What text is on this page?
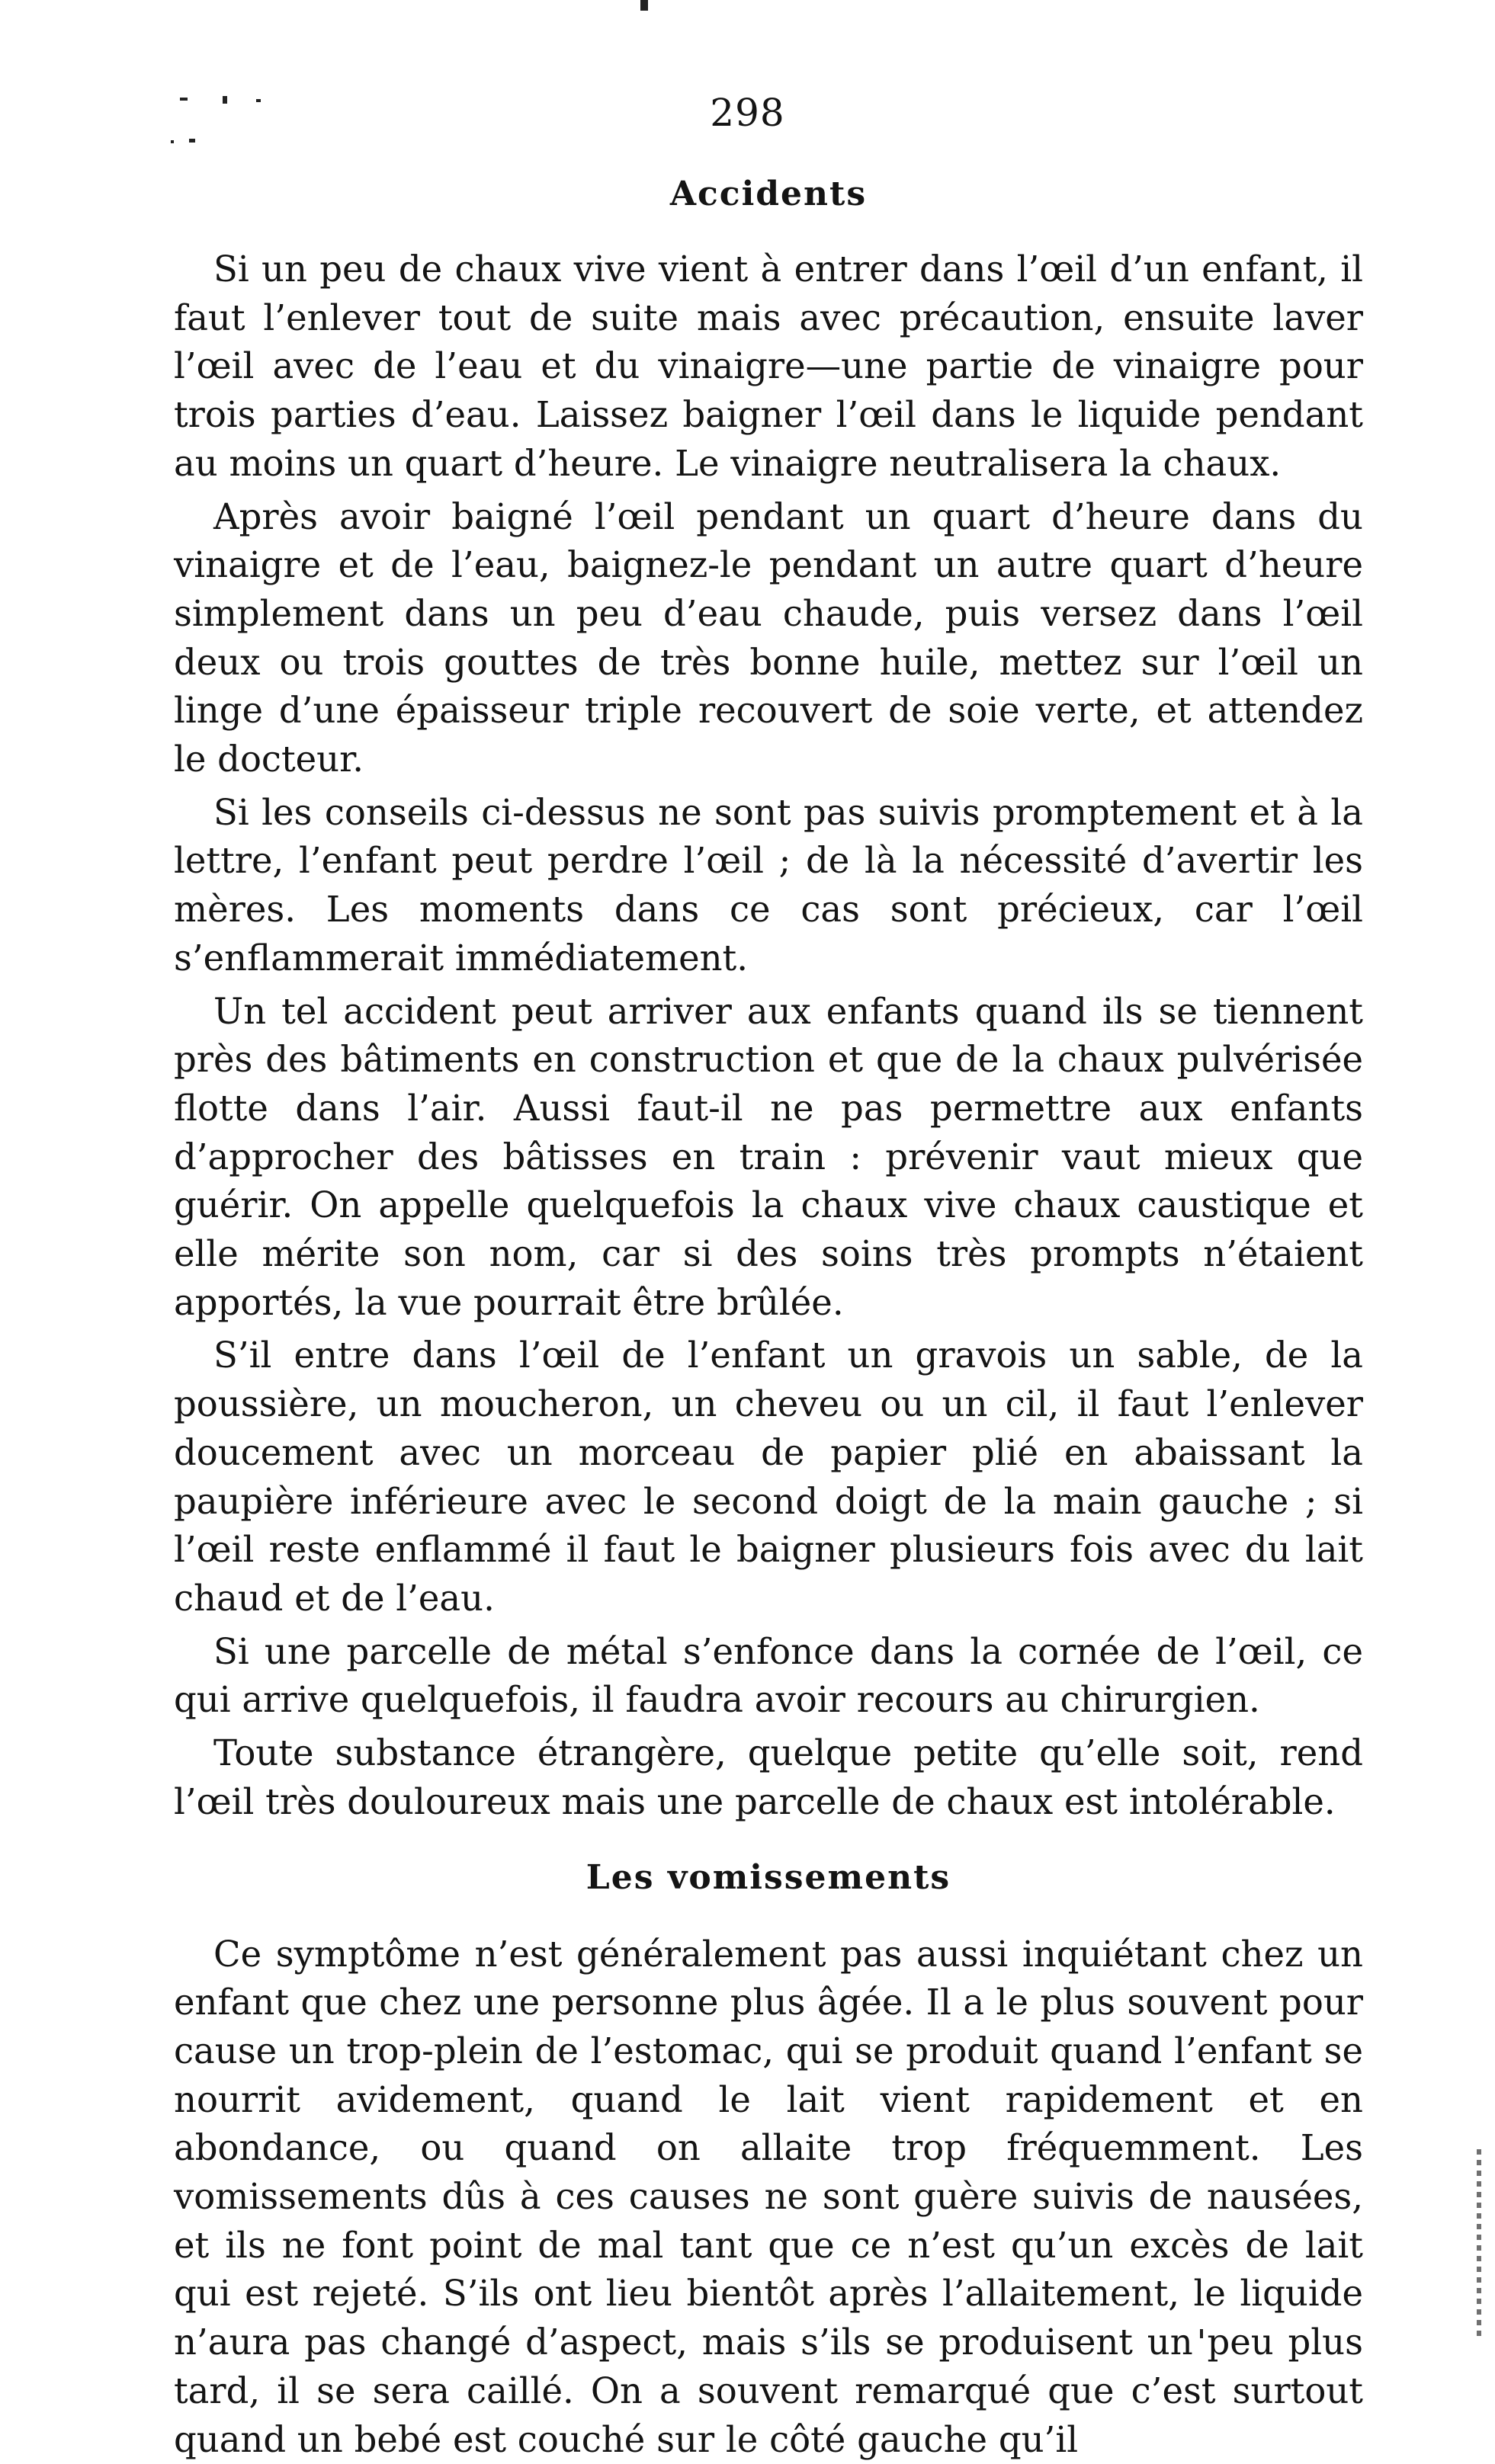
298
Accidents

Si un peu de chaux vive vient à entrer dans l’œil d’un enfant, il faut l’enlever tout de suite mais avec précaution, ensuite laver l’œil avec de l’eau et du vinaigre—une partie de vinaigre pour trois parties d’eau. Laissez baigner l’œil dans le liquide pendant au moins un quart d’heure. Le vinaigre neutralisera la chaux.

Après avoir baigné l’œil pendant un quart d’heure dans du vinaigre et de l’eau, baignez-le pendant un autre quart d’heure simplement dans un peu d’eau chaude, puis versez dans l’œil deux ou trois gouttes de très bonne huile, mettez sur l’œil un linge d’une épaisseur triple recouvert de soie verte, et attendez le docteur.

Si les conseils ci-dessus ne sont pas suivis promptement et à la lettre, l’enfant peut perdre l’œil ; de là la nécessité d’avertir les mères. Les moments dans ce cas sont précieux, car l’œil s’enflammerait immédiatement.

Un tel accident peut arriver aux enfants quand ils se tiennent près des bâtiments en construction et que de la chaux pulvérisée flotte dans l’air. Aussi faut-il ne pas permettre aux enfants d’approcher des bâtisses en train : prévenir vaut mieux que guérir. On appelle quelquefois la chaux vive chaux caustique et elle mérite son nom, car si des soins très prompts n’étaient apportés, la vue pourrait être brûlée.

S’il entre dans l’œil de l’enfant un gravois un sable, de la poussière, un moucheron, un cheveu ou un cil, il faut l’enlever doucement avec un morceau de papier plié en abaissant la paupière inférieure avec le second doigt de la main gauche ; si l’œil reste enflammé il faut le baigner plusieurs fois avec du lait chaud et de l’eau.

Si une parcelle de métal s’enfonce dans la cornée de l’œil, ce qui arrive quelquefois, il faudra avoir recours au chirurgien.

Toute substance étrangère, quelque petite qu’elle soit, rend l’œil très douloureux mais une parcelle de chaux est intolérable.

Les vomissements

Ce symptôme n’est généralement pas aussi inquiétant chez un enfant que chez une personne plus âgée. Il a le plus souvent pour cause un trop-plein de l’estomac, qui se produit quand l’enfant se nourrit avidement, quand le lait vient rapidement et en abondance, ou quand on allaite trop fréquemment. Les vomissements dûs à ces causes ne sont guère suivis de nausées, et ils ne font point de mal tant que ce n’est qu’un excès de lait qui est rejeté. S’ils ont lieu bientôt après l’allaitement, le liquide n’aura pas changé d’aspect, mais s’ils se produisent un peu plus tard, il se sera caillé. On a souvent remarqué que c’est surtout quand un bebé est couché sur le côté gauche qu’il
